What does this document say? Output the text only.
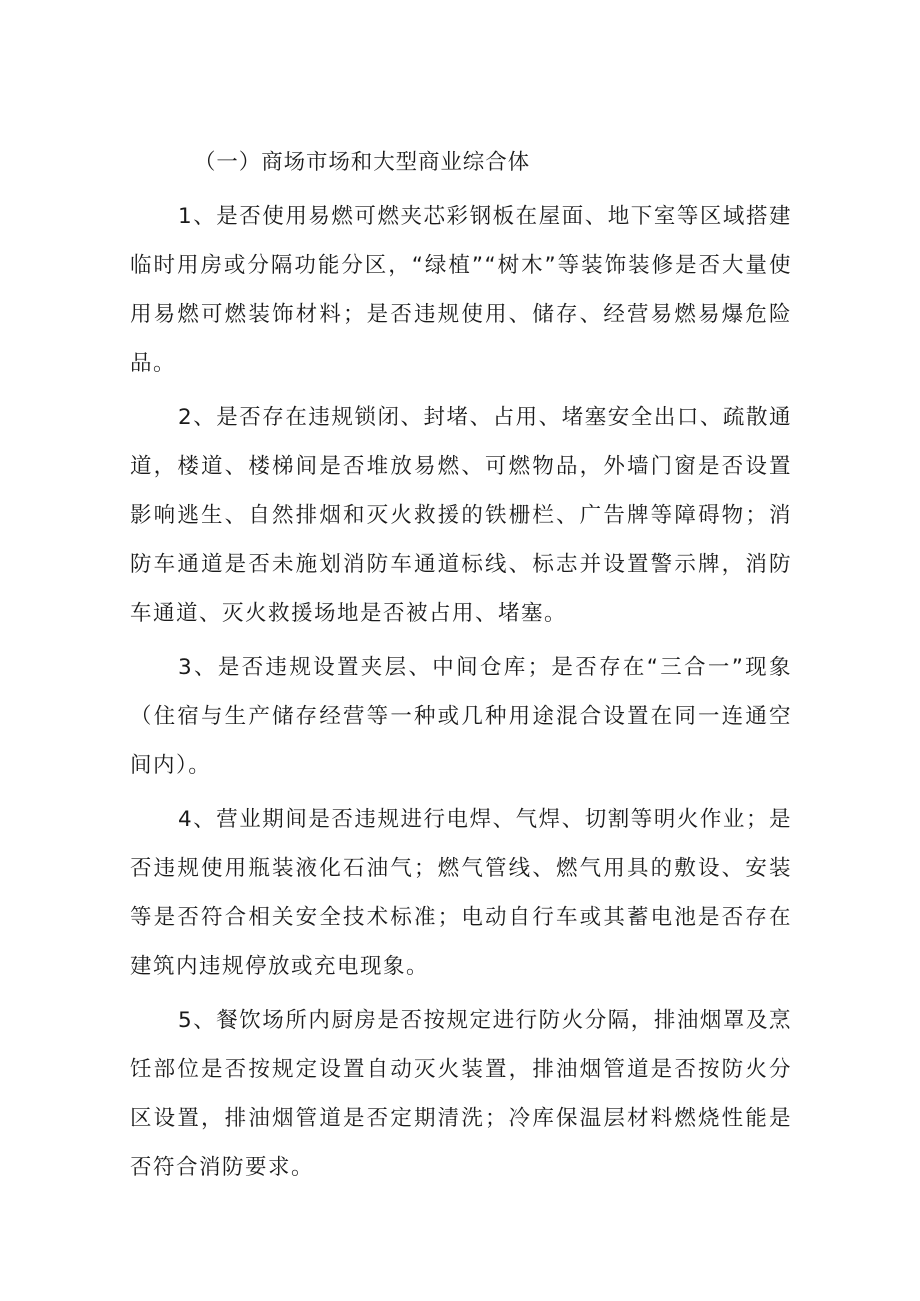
（一）商场市场和大型商业综合体

1、是否使用易燃可燃夹芯彩钢板在屋面、地下室等区域搭建临时用房或分隔功能分区，“绿植”“树木”等装饰装修是否大量使用易燃可燃装饰材料；是否违规使用、储存、经营易燃易爆危险品。

2、是否存在违规锁闭、封堵、占用、堵塞安全出口、疏散通道，楼道、楼梯间是否堆放易燃、可燃物品，外墙门窗是否设置影响逃生、自然排烟和灭火救援的铁栅栏、广告牌等障碍物；消防车通道是否未施划消防车通道标线、标志并设置警示牌，消防车通道、灭火救援场地是否被占用、堵塞。

3、是否违规设置夹层、中间仓库；是否存在“三合一”现象（住宿与生产储存经营等一种或几种用途混合设置在同一连通空间内）。

4、营业期间是否违规进行电焊、气焊、切割等明火作业；是否违规使用瓶装液化石油气；燃气管线、燃气用具的敷设、安装等是否符合相关安全技术标准；电动自行车或其蓄电池是否存在建筑内违规停放或充电现象。

5、餐饮场所内厨房是否按规定进行防火分隔，排油烟罩及烹饪部位是否按规定设置自动灭火装置，排油烟管道是否按防火分区设置，排油烟管道是否定期清洗；冷库保温层材料燃烧性能是否符合消防要求。
